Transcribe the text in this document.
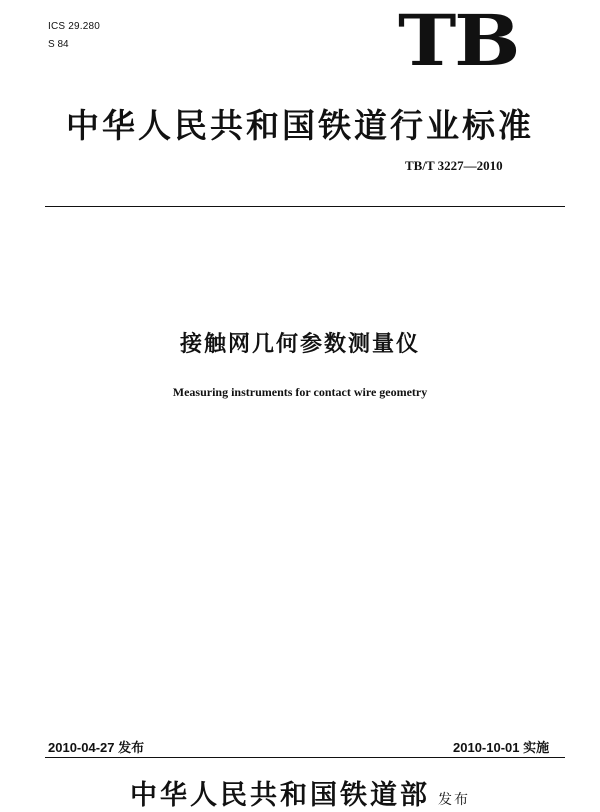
ICS 29.280
S 84	TB
中华人民共和国铁道行业标准
TB/T 3227—2010
接触网几何参数测量仪
Measuring instruments for contact wire geometry
2010-04-27 发布	2010-10-01 实施
中华人民共和国铁道部 发布
